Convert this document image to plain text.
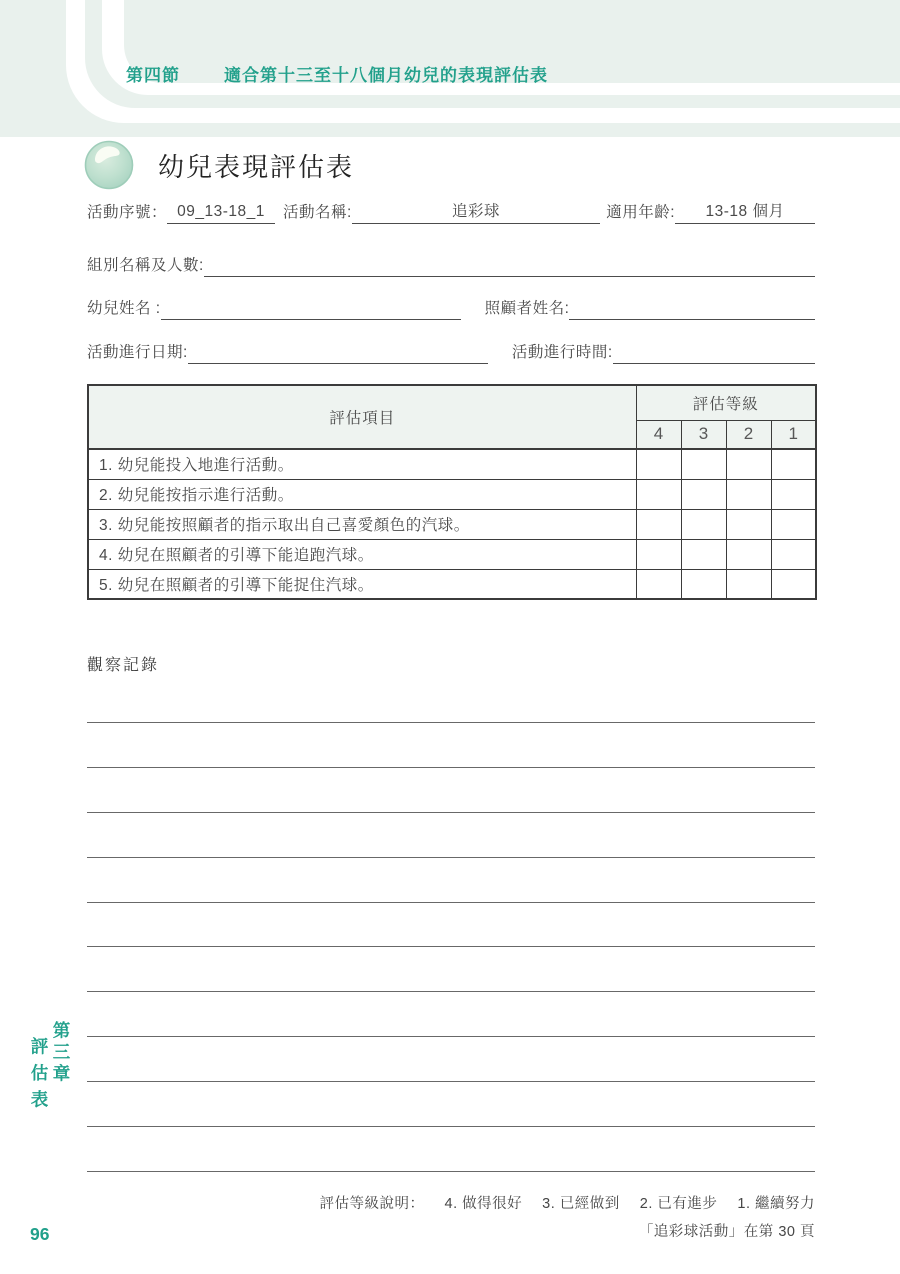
第四節	適合第十三至十八個月幼兒的表現評估表
幼兒表現評估表
活動序號： 09_13-18_1	活動名稱:	追彩球	適用年齡:	13-18 個月
組別名稱及人數:
幼兒姓名 :	照顧者姓名:
活動進行日期:	活動進行時間:
評估項目	評估等級			
	4	3	2	1
1. 幼兒能投入地進行活動。				
2. 幼兒能按指示進行活動。				
3. 幼兒能按照顧者的指示取出自己喜愛顏色的汽球。				
4. 幼兒在照顧者的引導下能追跑汽球。				
5. 幼兒在照顧者的引導下能捉住汽球。				
觀察記錄
第三章
評估表
96
評估等級說明： 4. 做得很好 3. 已經做到 2. 已有進步 1. 繼續努力
「追彩球活動」在第 30 頁
